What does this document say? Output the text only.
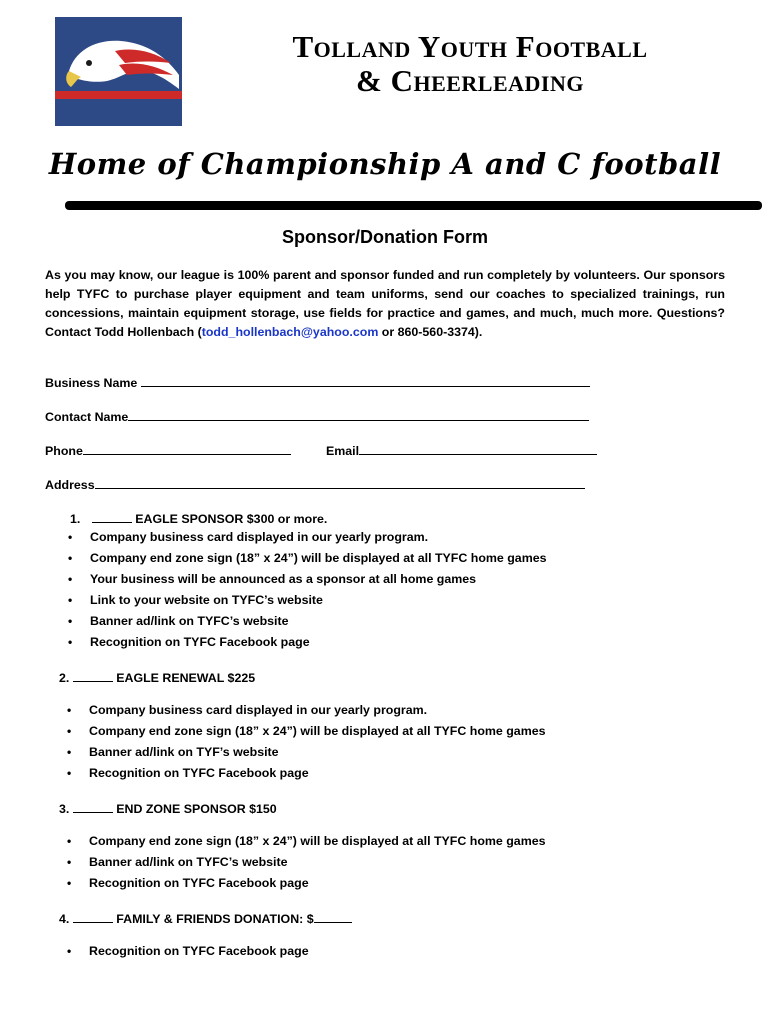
Tolland Youth Football
& Cheerleading
Home of Championship A and C football
Sponsor/Donation Form
As you may know, our league is 100% parent and sponsor funded and run completely by volunteers. Our sponsors help TYFC to purchase player equipment and team uniforms, send our coaches to specialized trainings, run concessions, maintain equipment storage, use fields for practice and games, and much, much more. Questions? Contact Todd Hollenbach (todd_hollenbach@yahoo.com or 860-560-3374).
Business Name
Contact Name
Phone	Email
Address
1.	EAGLE SPONSOR $300 or more.
• Company business card displayed in our yearly program.
• Company end zone sign (18” x 24”) will be displayed at all TYFC home games
• Your business will be announced as a sponsor at all home games
• Link to your website on TYFC’s website
• Banner ad/link on TYFC’s website
• Recognition on TYFC Facebook page
2.	EAGLE RENEWAL $225
• Company business card displayed in our yearly program.
• Company end zone sign (18” x 24”) will be displayed at all TYFC home games
• Banner ad/link on TYF’s website
• Recognition on TYFC Facebook page
3.	END ZONE SPONSOR $150
• Company end zone sign (18” x 24”) will be displayed at all TYFC home games
• Banner ad/link on TYFC’s website
• Recognition on TYFC Facebook page
4.	FAMILY & FRIENDS DONATION: $
• Recognition on TYFC Facebook page
